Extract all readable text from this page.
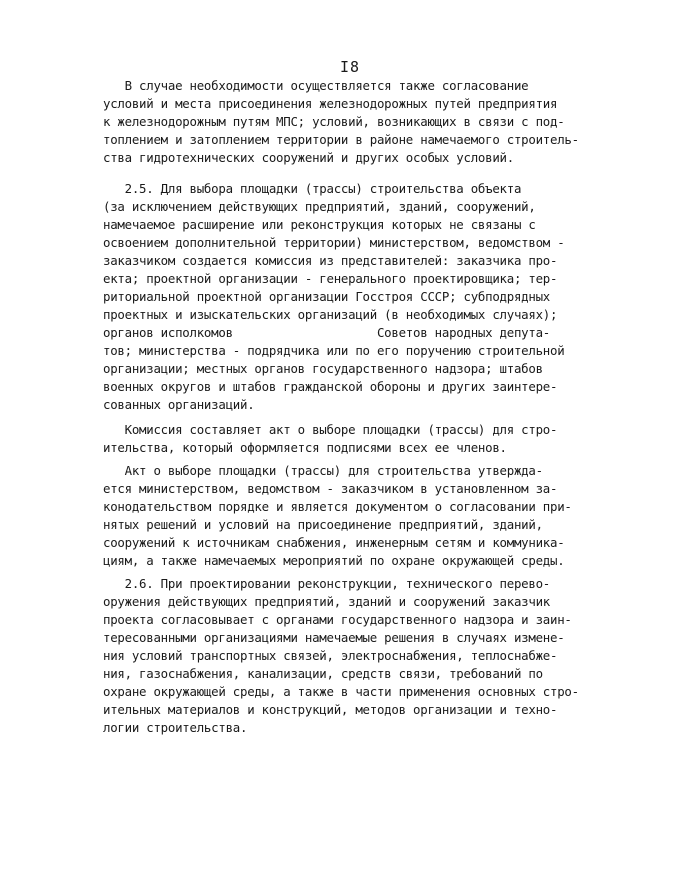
I8
В случае необходимости осуществляется также согласование
условий и места присоединения железнодорожных путей предприятия
к железнодорожным путям МПС; условий, возникающих в связи с под-
топлением и затоплением территории в районе намечаемого строитель-
ства гидротехнических сооружений и других особых условий.
2.5. Для выбора площадки (трассы) строительства объекта
(за исключением действующих предприятий, зданий, сооружений,
намечаемое расширение или реконструкция которых не связаны с
освоением дополнительной территории) министерством, ведомством -
заказчиком создается комиссия из представителей: заказчика про-
екта; проектной организации - генерального проектировщика; тер-
риториальной проектной организации Госстроя СССР; субподрядных
проектных и изыскательских организаций (в необходимых случаях);
органов исполкомов                    Советов народных депута-
тов; министерства - подрядчика или по его поручению строительной
организации; местных органов государственного надзора; штабов
военных округов и штабов гражданской обороны и других заинтере-
сованных организаций.
Комиссия составляет акт о выборе площадки (трассы) для стро-
ительства, который оформляется подписями всех ее членов.
Акт о выборе площадки (трассы) для строительства утвержда-
ется министерством, ведомством - заказчиком в установленном за-
конодательством порядке и является документом о согласовании при-
нятых решений и условий на присоединение предприятий, зданий,
сооружений к источникам снабжения, инженерным сетям и коммуника-
циям, а также намечаемых мероприятий по охране окружающей среды.
2.6. При проектировании реконструкции, технического перево-
оружения действующих предприятий, зданий и сооружений заказчик
проекта согласовывает с органами государственного надзора и заин-
тересованными организациями намечаемые решения в случаях измене-
ния условий транспортных связей, электроснабжения, теплоснабже-
ния, газоснабжения, канализации, средств связи, требований по
охране окружающей среды, а также в части применения основных стро-
ительных материалов и конструкций, методов организации и техно-
логии строительства.
